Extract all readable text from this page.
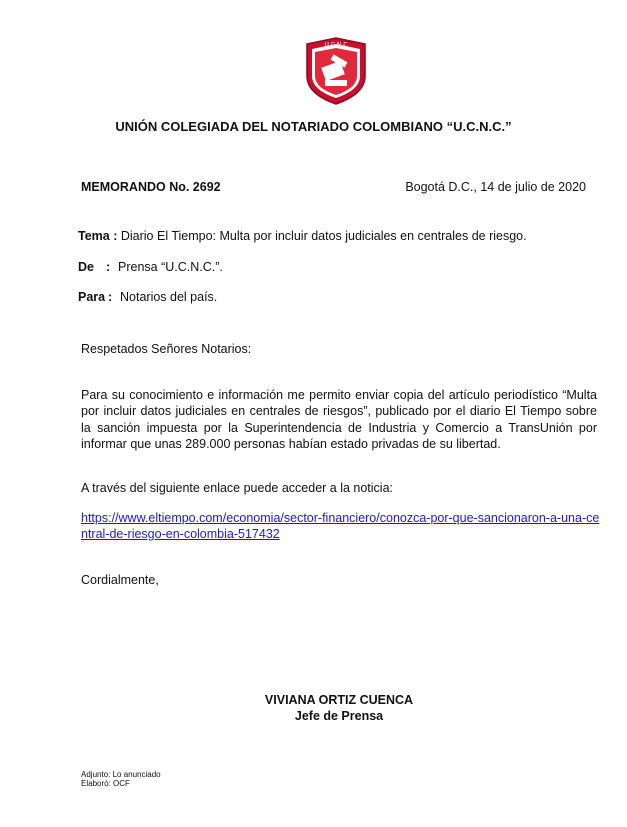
U.C.N.C
UNIÓN COLEGIADA DEL NOTARIADO COLOMBIANO “U.C.N.C.”
MEMORANDO No. 2692	Bogotá D.C., 14 de julio de 2020
Tema : Diario El Tiempo: Multa por incluir datos judiciales en centrales de riesgo.
De : Prensa “U.C.N.C.”.
Para : Notarios del país.
Respetados Señores Notarios:

Para su conocimiento e información me permito enviar copia del artículo periodístico “Multa por incluir datos judiciales en centrales de riesgos”, publicado por el diario El Tiempo sobre la sanción impuesta por la Superintendencia de Industria y Comercio a TransUnión por informar que unas 289.000 personas habían estado privadas de su libertad.

A través del siguiente enlace puede acceder a la noticia:

https://www.eltiempo.com/economia/sector-financiero/conozca-por-que-sancionaron-a-una-central-de-riesgo-en-colombia-517432

Cordialmente,
VIVIANA ORTIZ CUENCA
Jefe de Prensa
Adjunto: Lo anunciado
Elaboró: OCF
